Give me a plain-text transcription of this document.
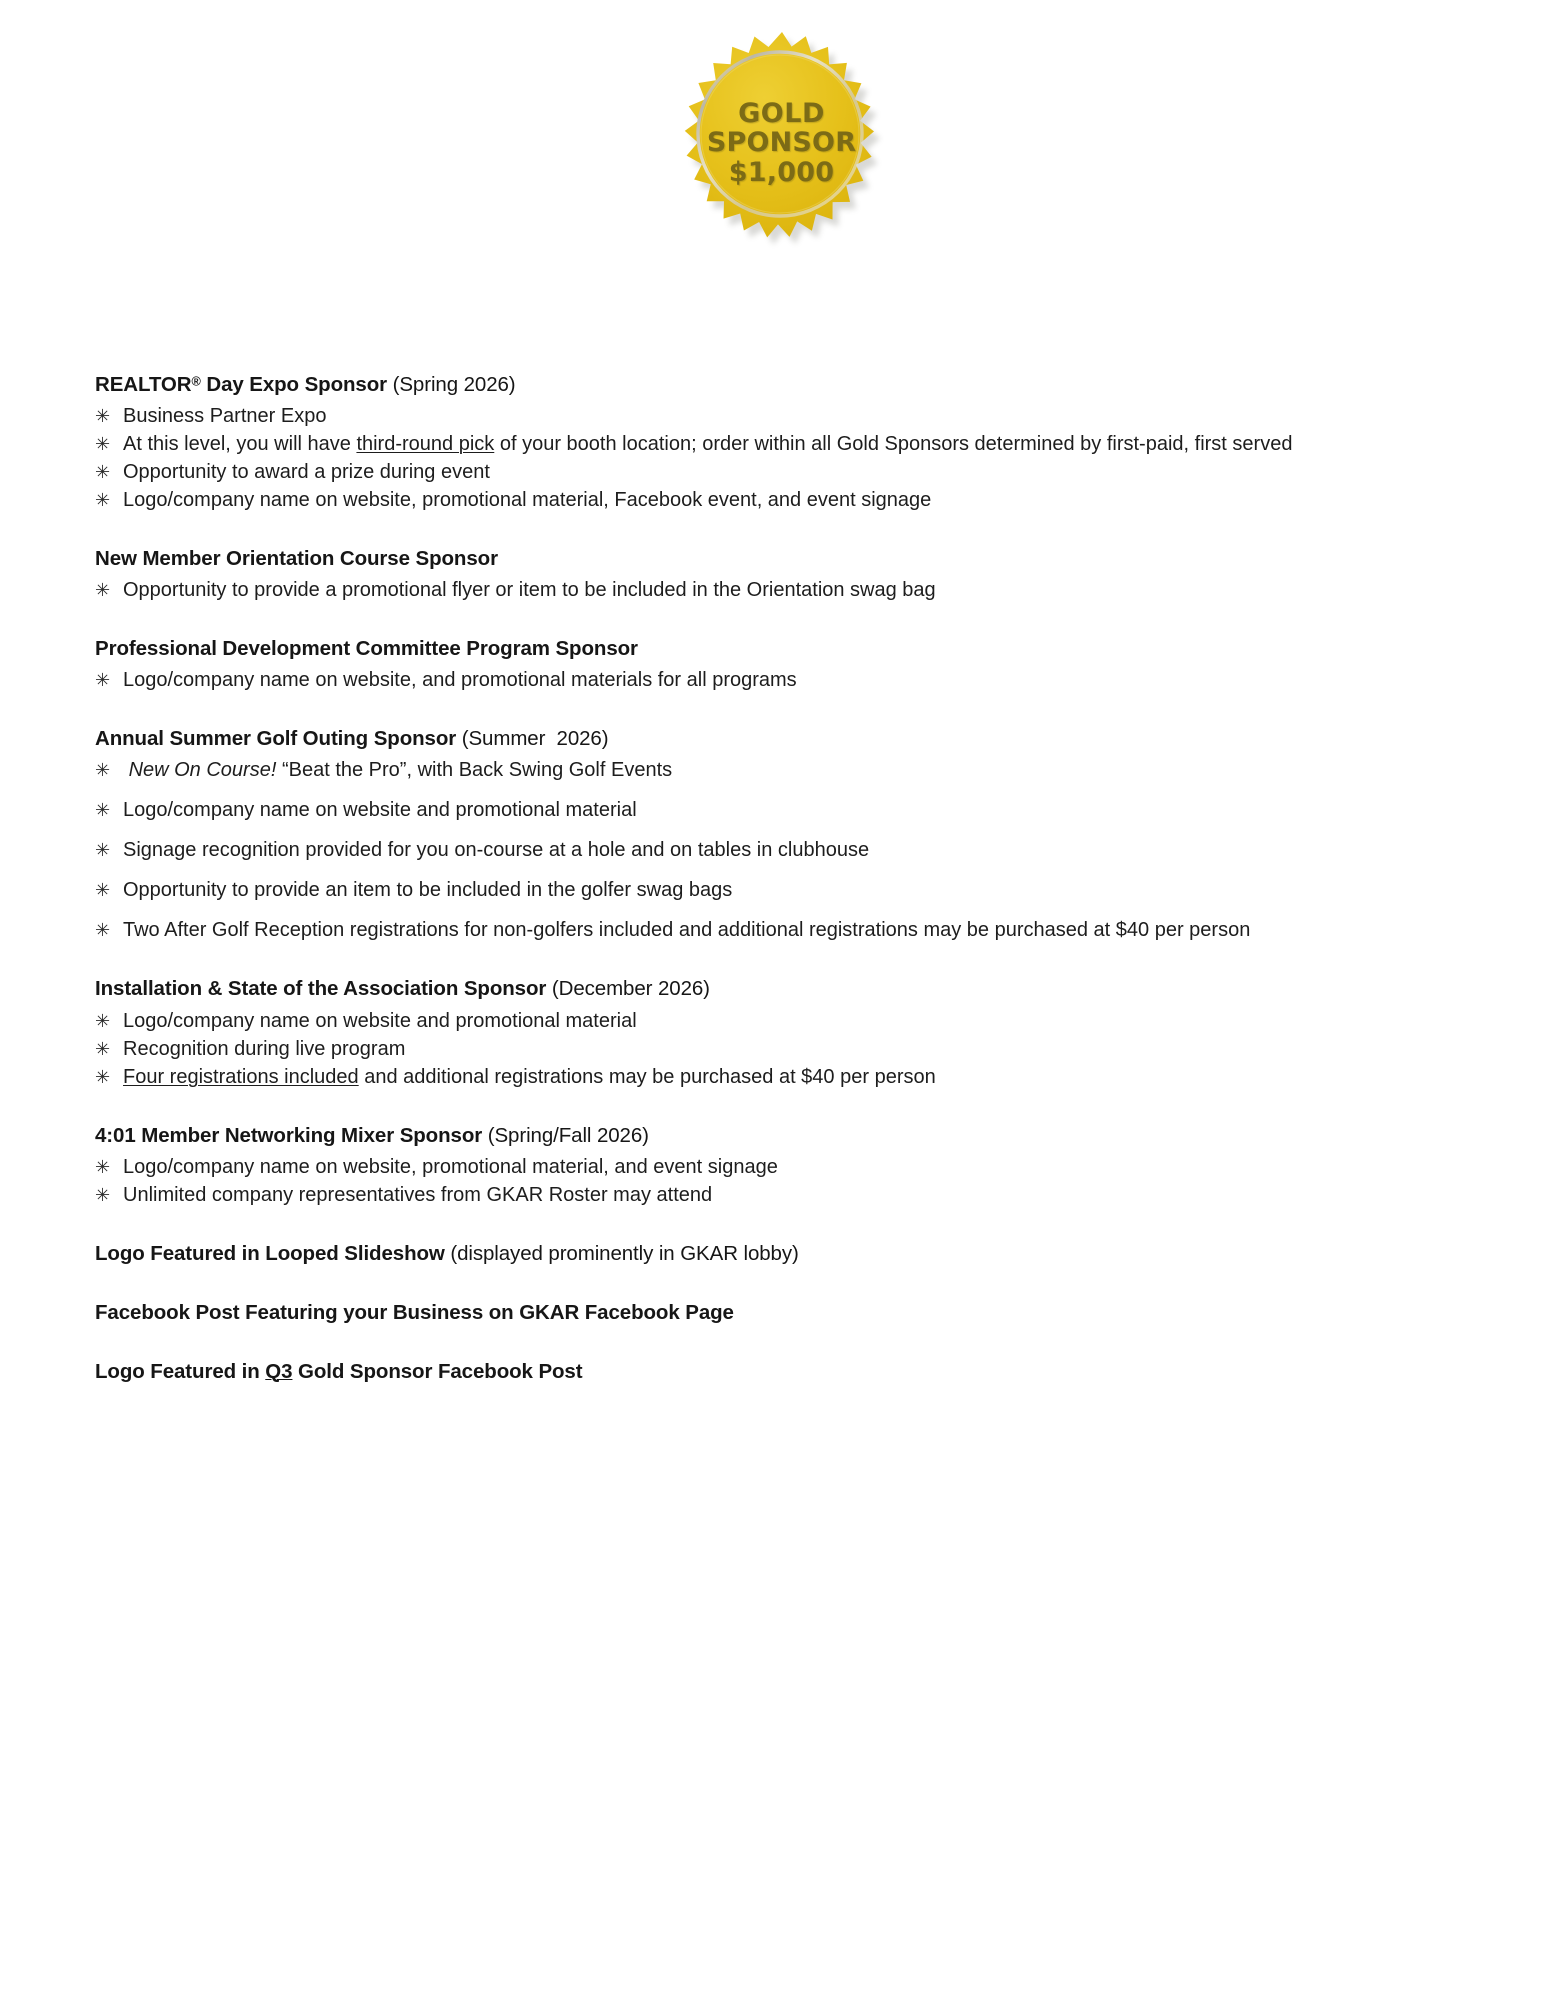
GOLD
SPONSOR
$1,000
REALTOR® Day Expo Sponsor (Spring 2026)
✳ Business Partner Expo
✳ At this level, you will have third-round pick of your booth location; order within all Gold Sponsors determined by first-paid, first served
✳ Opportunity to award a prize during event
✳ Logo/company name on website, promotional material, Facebook event, and event signage
New Member Orientation Course Sponsor
✳ Opportunity to provide a promotional flyer or item to be included in the Orientation swag bag
Professional Development Committee Program Sponsor
✳ Logo/company name on website, and promotional materials for all programs
Annual Summer Golf Outing Sponsor (Summer  2026)
✳ New On Course! “Beat the Pro”, with Back Swing Golf Events
✳ Logo/company name on website and promotional material
✳ Signage recognition provided for you on-course at a hole and on tables in clubhouse
✳ Opportunity to provide an item to be included in the golfer swag bags
✳ Two After Golf Reception registrations for non-golfers included and additional registrations may be purchased at $40 per person
Installation & State of the Association Sponsor (December 2026)
✳ Logo/company name on website and promotional material
✳ Recognition during live program
✳ Four registrations included and additional registrations may be purchased at $40 per person
4:01 Member Networking Mixer Sponsor (Spring/Fall 2026)
✳ Logo/company name on website, promotional material, and event signage
✳ Unlimited company representatives from GKAR Roster may attend

Logo Featured in Looped Slideshow (displayed prominently in GKAR lobby)

Facebook Post Featuring your Business on GKAR Facebook Page

Logo Featured in Q3 Gold Sponsor Facebook Post
